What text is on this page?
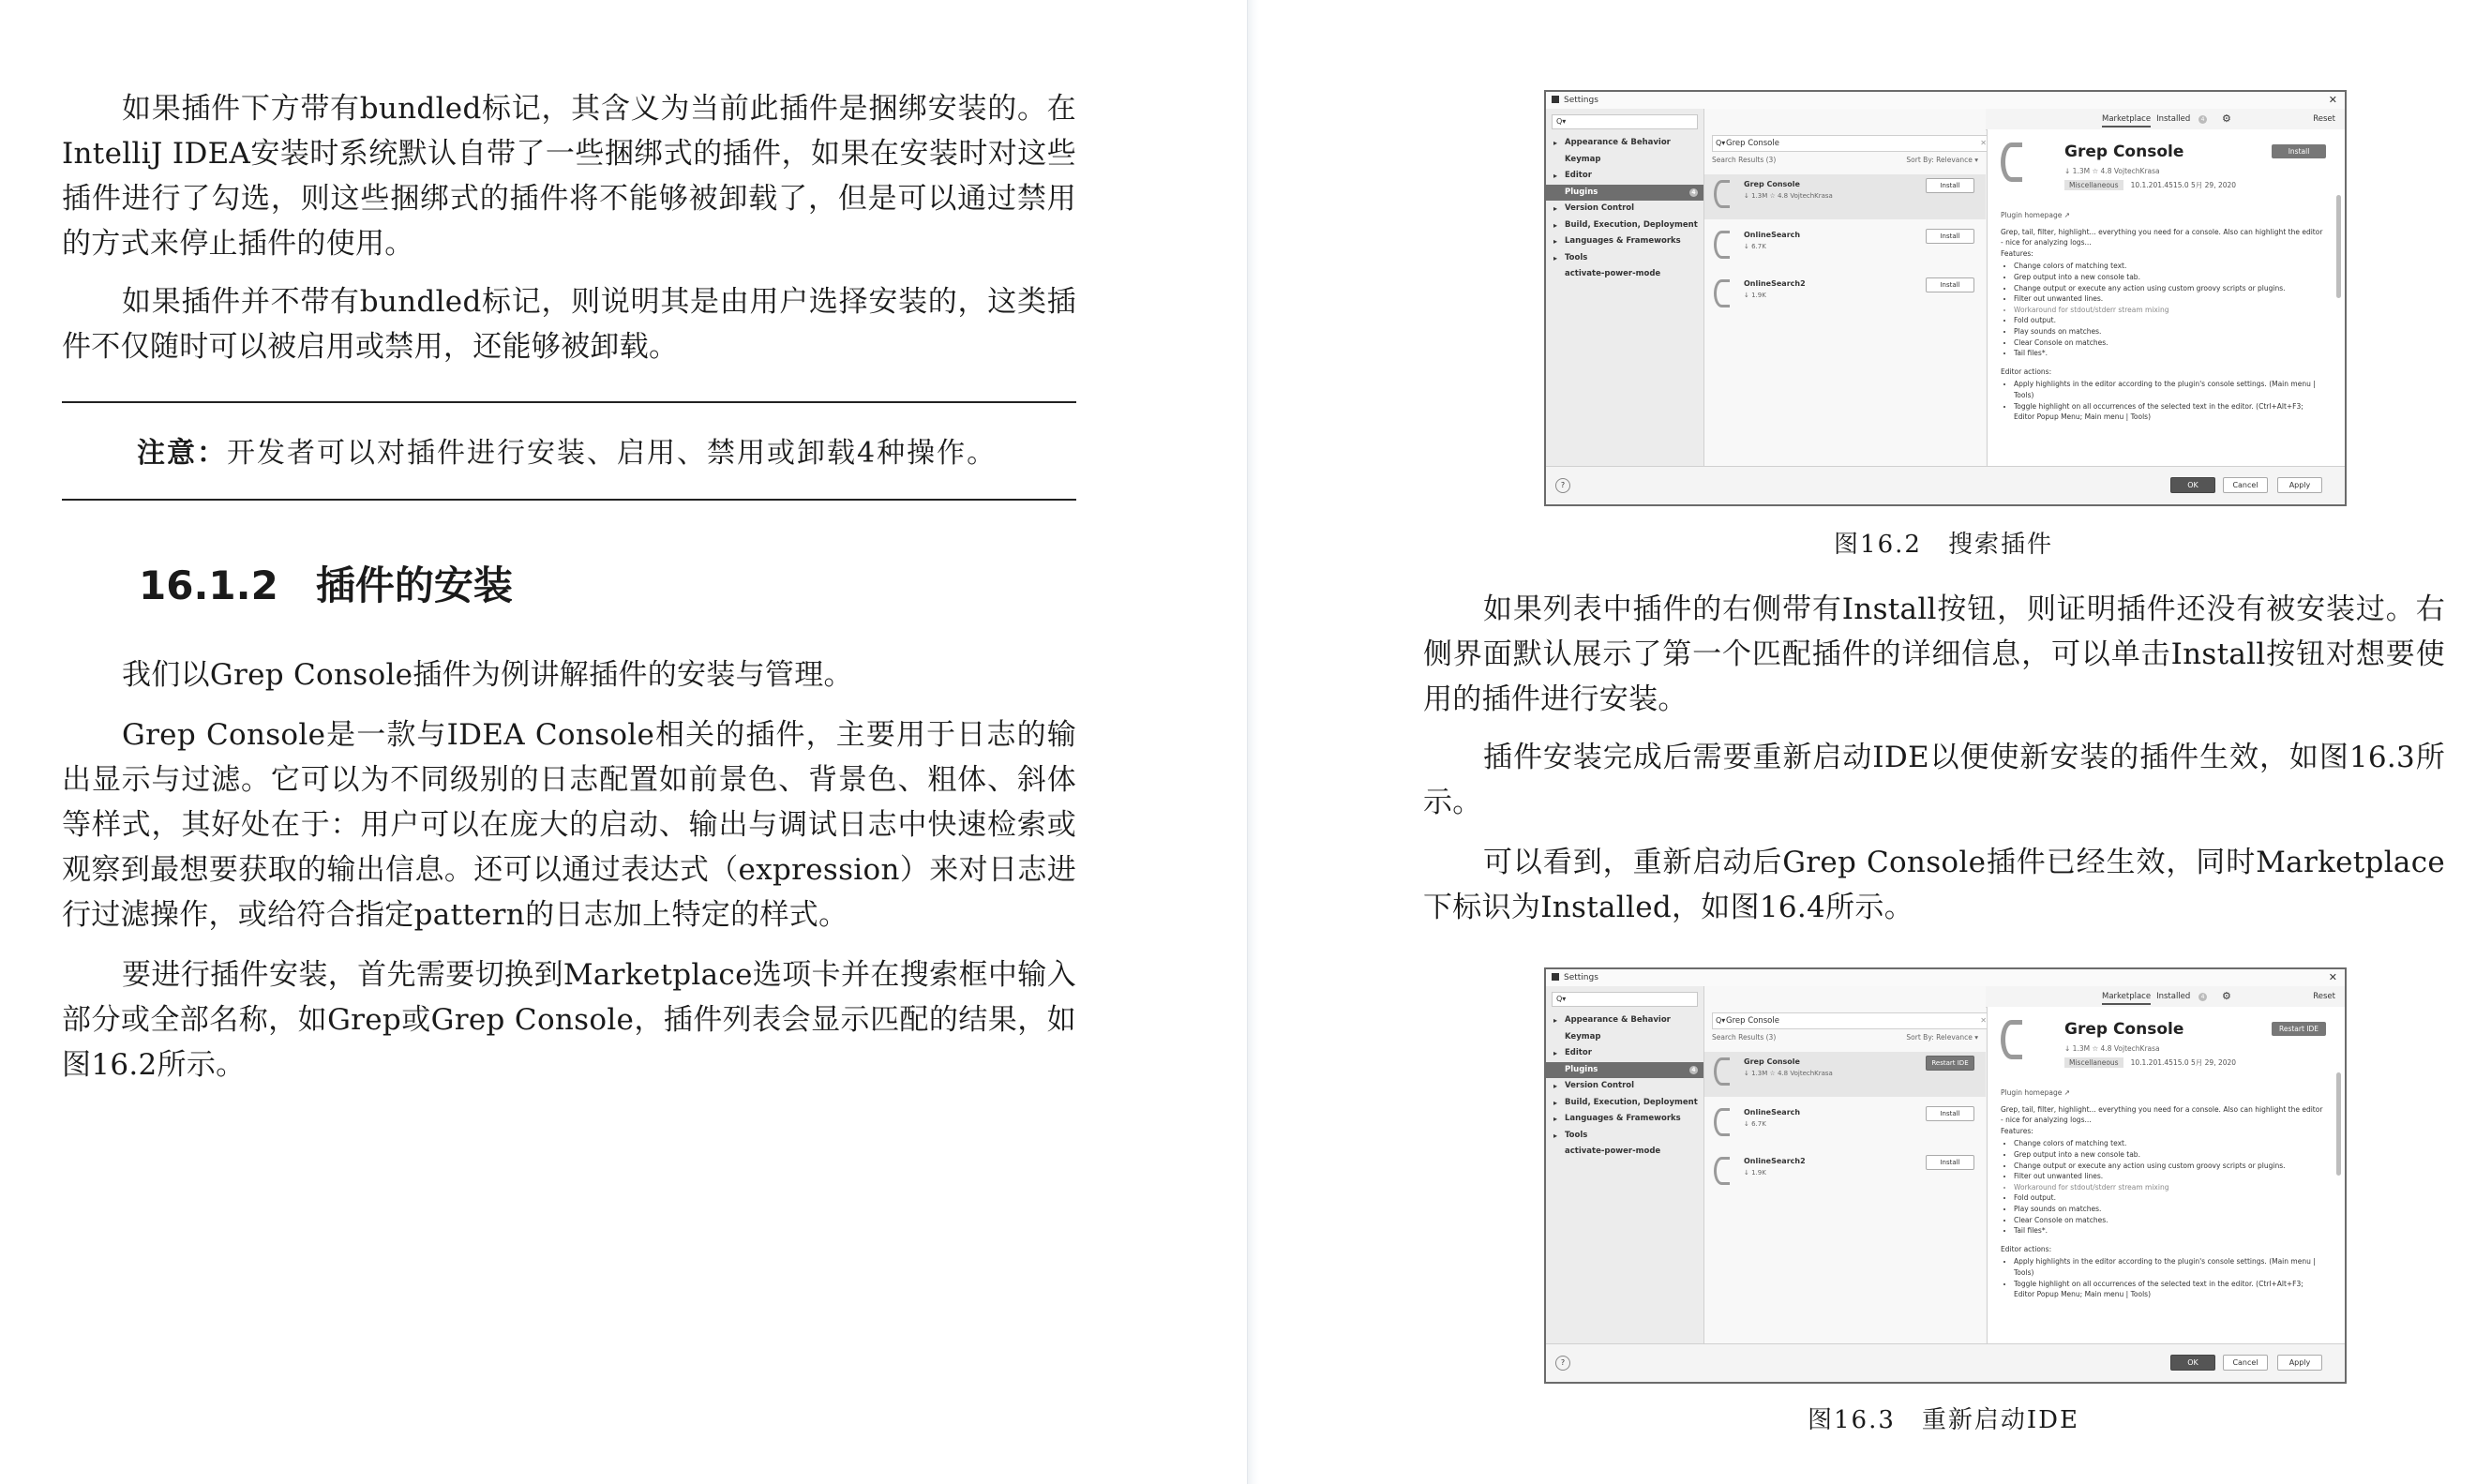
如果插件下方带有bundled标记，其含义为当前此插件是捆绑安装的。在IntelliJ IDEA安装时系统默认自带了一些捆绑式的插件，如果在安装时对这些插件进行了勾选，则这些捆绑式的插件将不能够被卸载了，但是可以通过禁用的方式来停止插件的使用。

如果插件并不带有bundled标记，则说明其是由用户选择安装的，这类插件不仅随时可以被启用或禁用，还能够被卸载。

注意：开发者可以对插件进行安装、启用、禁用或卸载4种操作。
16.1.2 插件的安装

我们以Grep Console插件为例讲解插件的安装与管理。

Grep Console是一款与IDEA Console相关的插件，主要用于日志的输出显示与过滤。它可以为不同级别的日志配置如前景色、背景色、粗体、斜体等样式，其好处在于：用户可以在庞大的启动、输出与调试日志中快速检索或观察到最想要获取的输出信息。还可以通过表达式（expression）来对日志进行过滤操作，或给符合指定pattern的日志加上特定的样式。

要进行插件安装，首先需要切换到Marketplace选项卡并在搜索框中输入部分或全部名称，如Grep或Grep Console，插件列表会显示匹配的结果，如图16.2所示。

Settings	✕
Q▾
▸ Appearance & Behavior
Keymap
▸ Editor
Plugins	4
▸ Version Control
▸ Build, Execution, Deployment
▸ Languages & Frameworks
▸ Tools
activate-power-mode
Marketplace Installed 4	⚙	Reset
Q▾ Grep Console	✕
Search Results (3)	Sort By: Relevance ▾
Grep Console
↓ 1.3M ☆ 4.8 VojtechKrasa
Install
OnlineSearch
↓ 6.7K
Install
OnlineSearch2
↓ 1.9K
Install
Grep Console	Install
↓ 1.3M ☆ 4.8 VojtechKrasa
Miscellaneous 10.1.201.4515.0 5月 29, 2020
Plugin homepage ↗
Grep, tail, filter, highlight... everything you need for a console. Also can highlight the editor - nice for analyzing logs...
Features:
• Change colors of matching text.
• Grep output into a new console tab.
• Change output or execute any action using custom groovy scripts or plugins.
• Filter out unwanted lines.
• Workaround for stdout/stderr stream mixing
• Fold output.
• Play sounds on matches.
• Clear Console on matches.
• Tail files*.
Editor actions:
• Apply highlights in the editor according to the plugin's console settings. (Main menu | Tools)
• Toggle highlight on all occurrences of the selected text in the editor. (Ctrl+Alt+F3; Editor Popup Menu; Main menu | Tools)
?	OK	Cancel	Apply
图16.2　搜索插件

如果列表中插件的右侧带有Install按钮，则证明插件还没有被安装过。右侧界面默认展示了第一个匹配插件的详细信息，可以单击Install按钮对想要使用的插件进行安装。

插件安装完成后需要重新启动IDE以便使新安装的插件生效，如图16.3所示。

可以看到，重新启动后Grep Console插件已经生效，同时Marketplace下标识为Installed，如图16.4所示。

Settings	✕
Q▾
▸ Appearance & Behavior
Keymap
▸ Editor
Plugins	4
▸ Version Control
▸ Build, Execution, Deployment
▸ Languages & Frameworks
▸ Tools
activate-power-mode
Marketplace Installed 4	⚙	Reset
Q▾ Grep Console	✕
Search Results (3)	Sort By: Relevance ▾
Grep Console
↓ 1.3M ☆ 4.8 VojtechKrasa
Restart IDE
OnlineSearch
↓ 6.7K
Install
OnlineSearch2
↓ 1.9K
Install
Grep Console	Restart IDE
↓ 1.3M ☆ 4.8 VojtechKrasa
Miscellaneous 10.1.201.4515.0 5月 29, 2020
Plugin homepage ↗
Grep, tail, filter, highlight... everything you need for a console. Also can highlight the editor - nice for analyzing logs...
Features:
• Change colors of matching text.
• Grep output into a new console tab.
• Change output or execute any action using custom groovy scripts or plugins.
• Filter out unwanted lines.
• Workaround for stdout/stderr stream mixing
• Fold output.
• Play sounds on matches.
• Clear Console on matches.
• Tail files*.
Editor actions:
• Apply highlights in the editor according to the plugin's console settings. (Main menu | Tools)
• Toggle highlight on all occurrences of the selected text in the editor. (Ctrl+Alt+F3; Editor Popup Menu; Main menu | Tools)
?	OK	Cancel	Apply
图16.3　重新启动IDE
